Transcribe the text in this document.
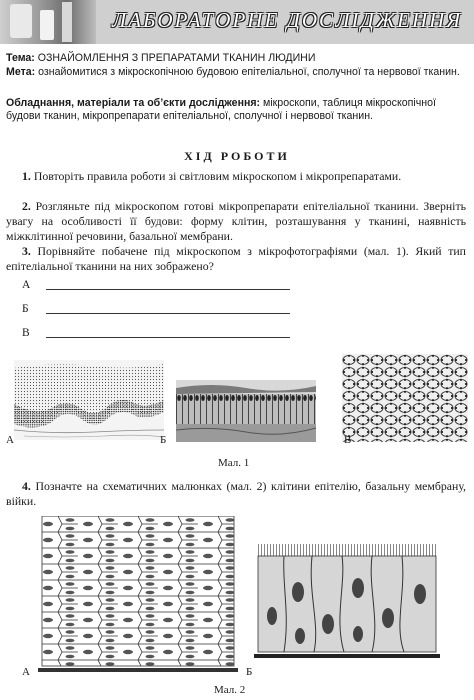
ЛАБОРАТОРНЕ ДОСЛІДЖЕННЯ
Тема: ОЗНАЙОМЛЕННЯ З ПРЕПАРАТАМИ ТКАНИН ЛЮДИНИ
Мета: ознайомитися з мікроскопічною будовою епітеліальної, сполучної та нервової тканин.
Обладнання, матеріали та об’єкти дослідження: мікроскопи, таблиця мікроскопічної будови тканин, мікропрепарати епітеліальної, сполучної і нервової тканин.
ХІД РОБОТИ
1. Повторіть правила роботи зі світловим мікроскопом і мікропрепаратами.
2. Розгляньте під мікроскопом готові мікропрепарати епітеліальної тканини. Зверніть увагу на особливості її будови: форму клітин, розташування у тканині, наявність міжклітинної речовини, базальної мембрани.
3. Порівняйте побачене під мікроскопом з мікрофотографіями (мал. 1). Який тип епітеліальної тканини на них зображено?
А
Б
В
А	Б	В
Мал. 1
4. Позначте на схематичних малюнках (мал. 2) клітини епітелію, базальну мембрану, війки.
А	Б
Мал. 2
